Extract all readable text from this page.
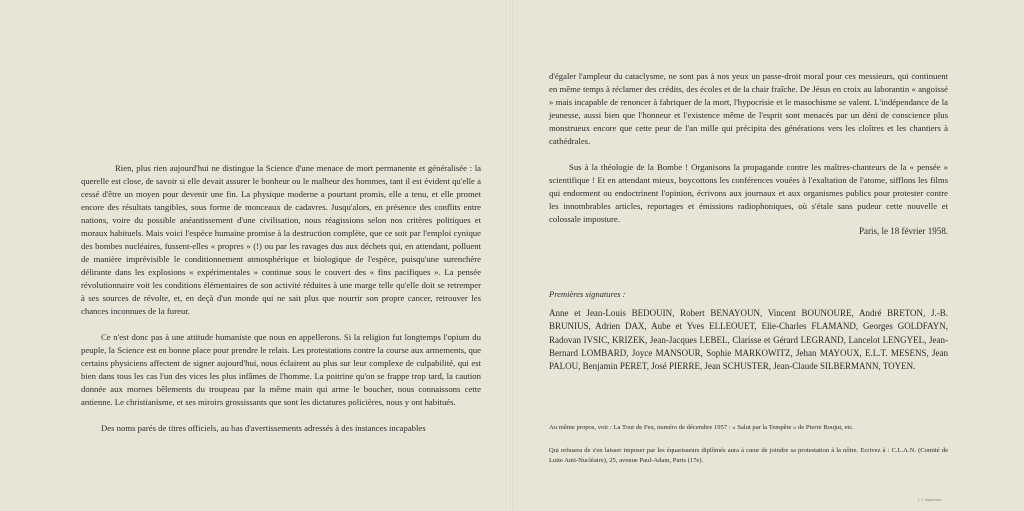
Rien, plus rien aujourd'hui ne distingue la Science d'une menace de mort permanente et généralisée : la querelle est close, de savoir si elle devait assurer le bonheur ou le malheur des hommes, tant il est évident qu'elle a cessé d'être un moyen pour devenir une fin. La physique moderne a pourtant promis, elle a tenu, et elle promet encore des résultats tangibles, sous forme de monceaux de cadavres. Jusqu'alors, en présence des conflits entre nations, voire du possible anéantissement d'une civilisation, nous réagissions selon nos critères politiques et moraux habituels. Mais voici l'espèce humaine promise à la destruction complète, que ce soit par l'emploi cynique des bombes nucléaires, fussent-elles « propres » (!) ou par les ravages dus aux déchets qui, en attendant, polluent de manière imprévisible le conditionnement atmosphérique et biologique de l'espèce, puisqu'une surenchère délirante dans les explosions « expérimentales » continue sous le couvert des « fins pacifiques ». La pensée révolutionnaire voit les conditions élémentaires de son activité réduites à une marge telle qu'elle doit se retremper à ses sources de révolte, et, en deçà d'un monde qui ne sait plus que nourrir son propre cancer, retrouver les chances inconnues de la fureur.

Ce n'est donc pas à une attitude humaniste que nous en appellerons. Si la religion fut longtemps l'opium du peuple, la Science est en bonne place pour prendre le relais. Les protestations contre la course aux armements, que certains physiciens affectent de signer aujourd'hui, nous éclairent au plus sur leur complexe de culpabilité, qui est bien dans tous les cas l'un des vices les plus infâmes de l'homme. La poitrine qu'on se frappe trop tard, la caution donnée aux mornes bêlements du troupeau par la même main qui arme le boucher, nous connaissons cette antienne. Le christianisme, et ses miroirs grossissants que sont les dictatures policières, nous y ont habitués.

Des noms parés de titres officiels, au bas d'avertissements adressés à des instances incapables

d'égaler l'ampleur du cataclysme, ne sont pas à nos yeux un passe-droit moral pour ces messieurs, qui continuent en même temps à réclamer des crédits, des écoles et de la chair fraîche. De Jésus en croix au laborantin « angoissé » mais incapable de renoncer à fabriquer de la mort, l'hypocrisie et le masochisme se valent. L'indépendance de la jeunesse, aussi bien que l'honneur et l'existence même de l'esprit sont menacés par un déni de conscience plus monstrueux encore que cette peur de l'an mille qui précipita des générations vers les cloîtres et les chantiers à cathédrales.

Sus à la théologie de la Bombe ! Organisons la propagande contre les maîtres-chanteurs de la « pensée » scientifique ! Et en attendant mieux, boycottons les conférences vouées à l'exaltation de l'atome, sifflons les films qui endorment ou endoctrinent l'opinion, écrivons aux journaux et aux organismes publics pour protester contre les innombrables articles, reportages et émissions radiophoniques, où s'étale sans pudeur cette nouvelle et colossale imposture.

Paris, le 18 février 1958.
Premières signatures :
Anne et Jean-Louis BEDOUIN, Robert BENAYOUN, Vincent BOUNOURE, André BRETON, J.-B. BRUNIUS, Adrien DAX, Aube et Yves ELLEOUET, Elie-Charles FLAMAND, Georges GOLDFAYN, Radovan IVSIC, KRIZEK, Jean-Jacques LEBEL, Clarisse et Gérard LEGRAND, Lancelot LENGYEL, Jean-Bernard LOMBARD, Joyce MANSOUR, Sophie MARKOWITZ, Jehan MAYOUX, E.L.T. MESENS, Jean PALOU, Benjamin PERET, José PIERRE, Jean SCHUSTER, Jean-Claude SILBERMANN, TOYEN.
Au même propos, voir : La Tour de Feu, numéro de décembre 1957 : « Salut par la Tempête » de Pierre Boujut, etc.
Qui refusera de s'en laisser imposer par les équarisseurs diplômés aura à cœur de joindre sa protestation à la nôtre. Ecrivez à : C.L.A.N. (Comité de Lutte Anti-Nucléaire), 25, avenue Paul-Adam, Paris (17e).
I. I. imprimeur
